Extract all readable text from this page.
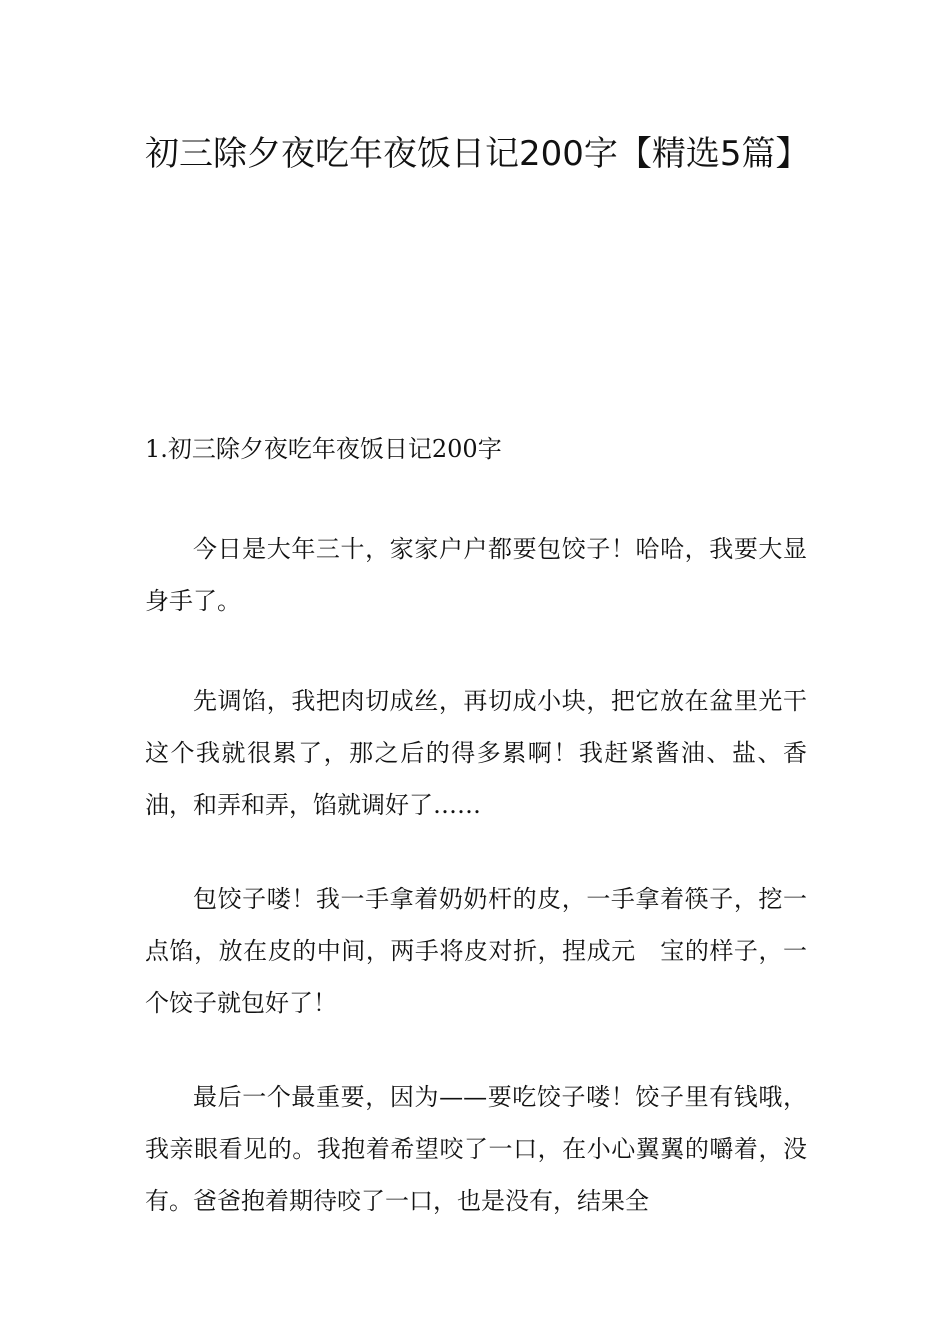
初三除夕夜吃年夜饭日记200字【精选5篇】

1.初三除夕夜吃年夜饭日记200字

今日是大年三十，家家户户都要包饺子！哈哈，我要大显身手了。

先调馅，我把肉切成丝，再切成小块，把它放在盆里光干这个我就很累了，那之后的得多累啊！我赶紧酱油、盐、香油，和弄和弄，馅就调好了……

包饺子喽！我一手拿着奶奶杆的皮，一手拿着筷子，挖一点馅，放在皮的中间，两手将皮对折，捏成元　宝的样子，一个饺子就包好了！

最后一个最重要，因为——要吃饺子喽！饺子里有钱哦，我亲眼看见的。我抱着希望咬了一口，在小心翼翼的嚼着，没有。爸爸抱着期待咬了一口，也是没有，结果全
